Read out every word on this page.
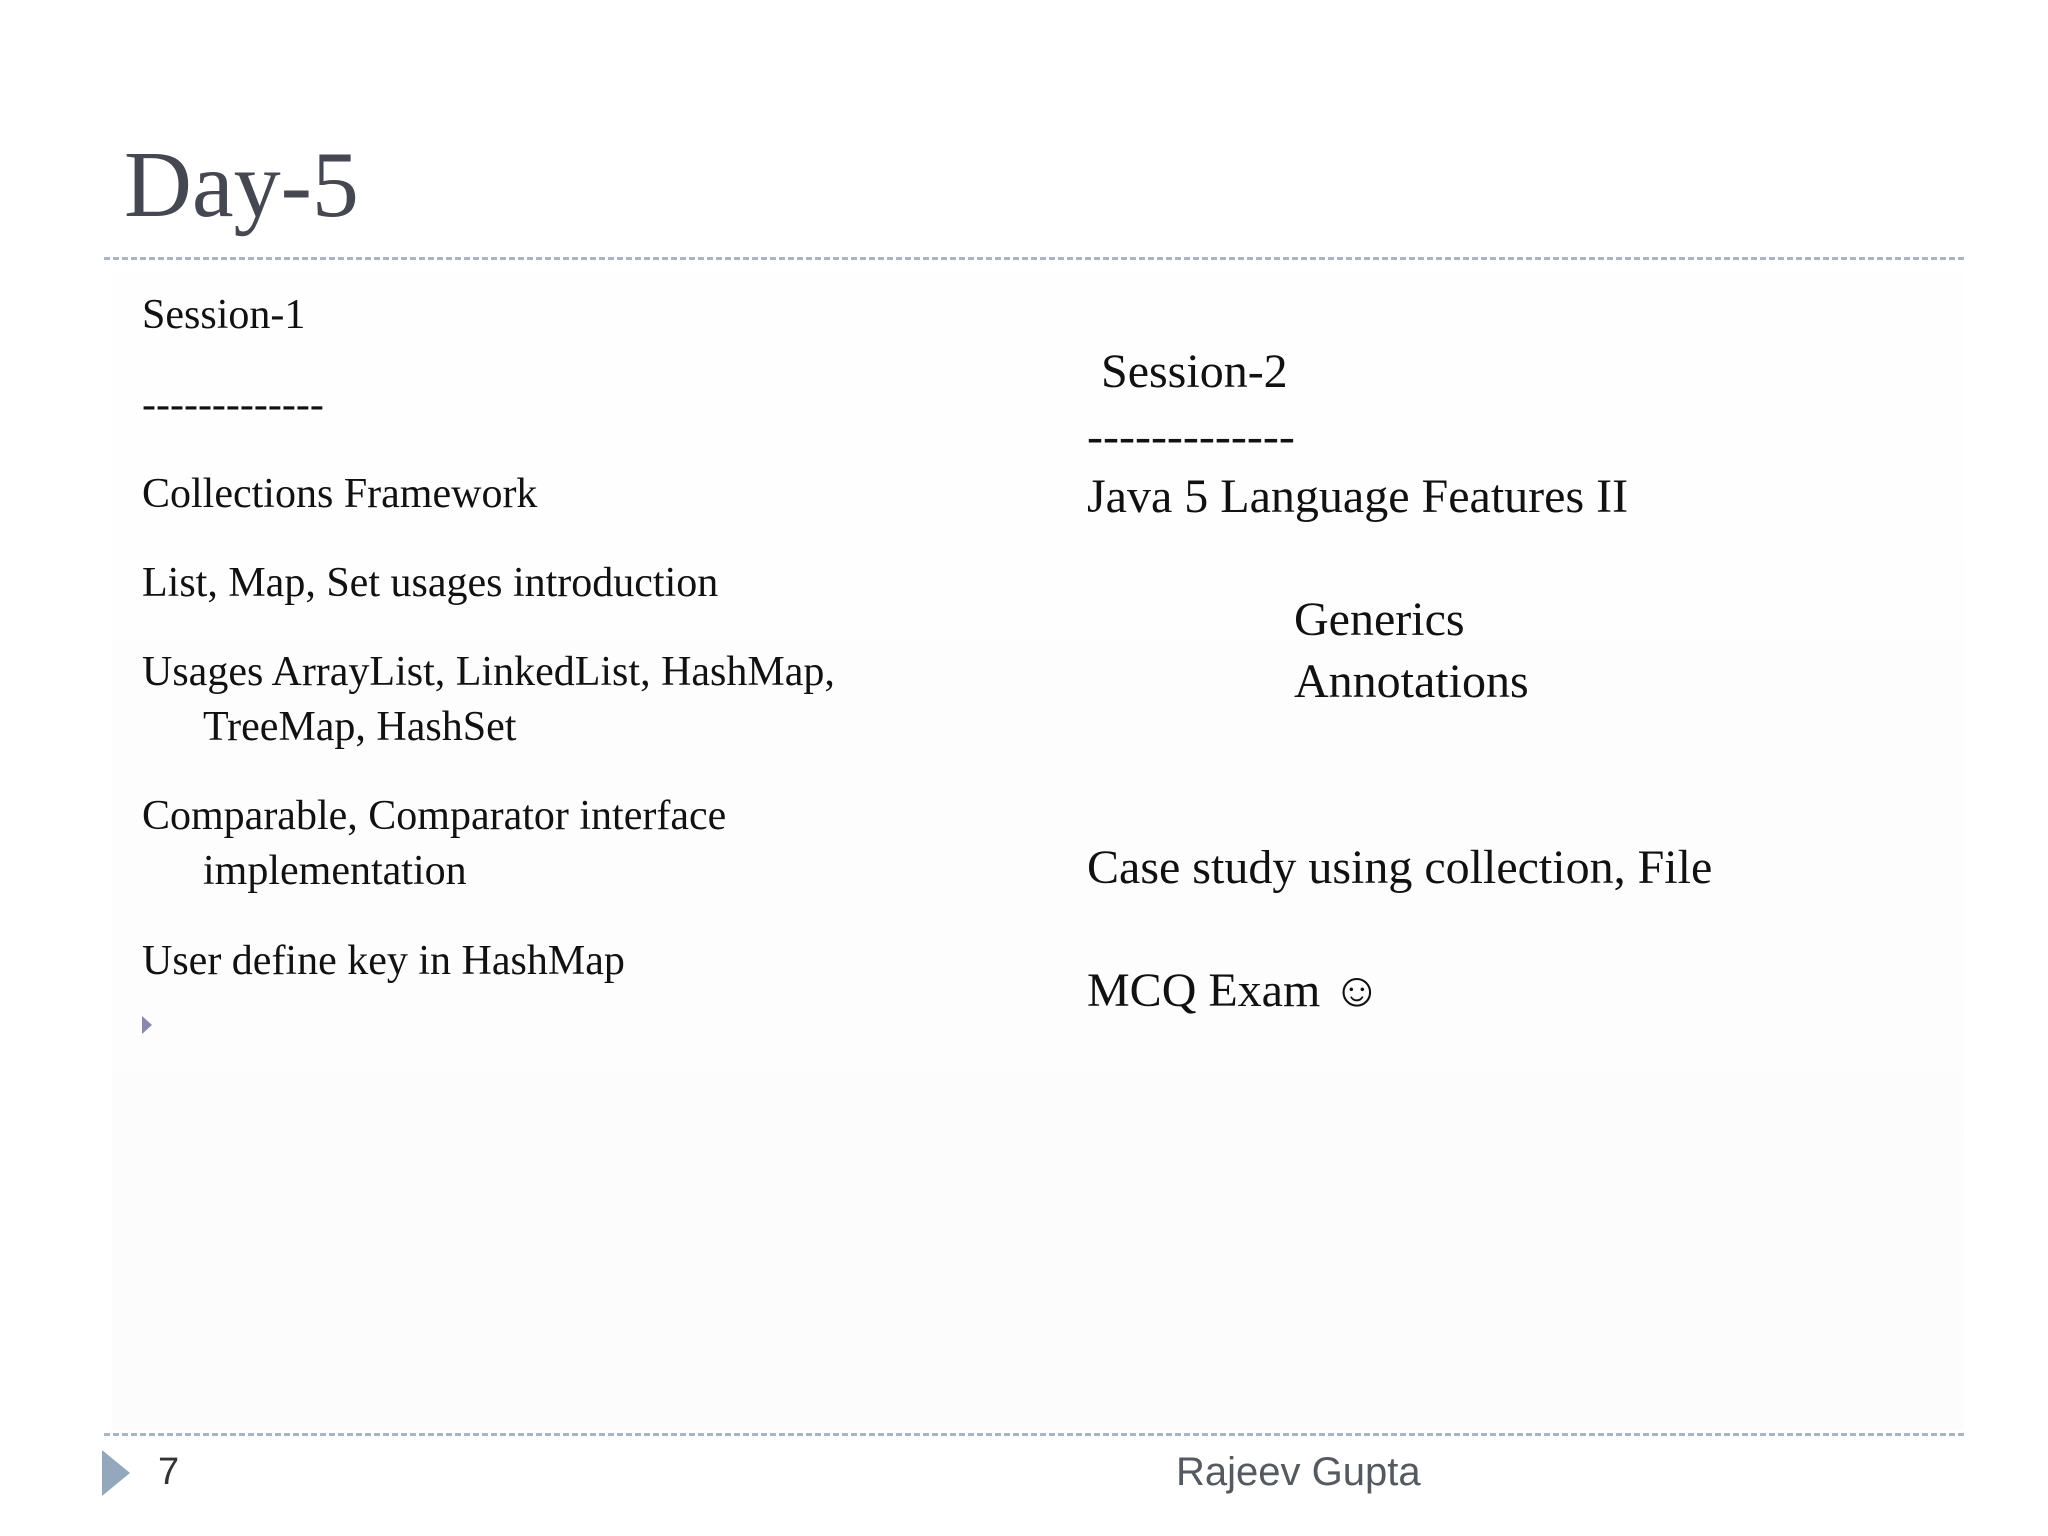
Day-5
Session-1
-------------
Collections Framework
List, Map, Set usages introduction
Usages ArrayList, LinkedList, HashMap,
TreeMap, HashSet
Comparable, Comparator interface
implementation
User define key in HashMap
Session-2
-------------
Java 5 Language Features II
Generics
Annotations
Case study using collection, File
MCQ Exam ☺
7	Rajeev Gupta
